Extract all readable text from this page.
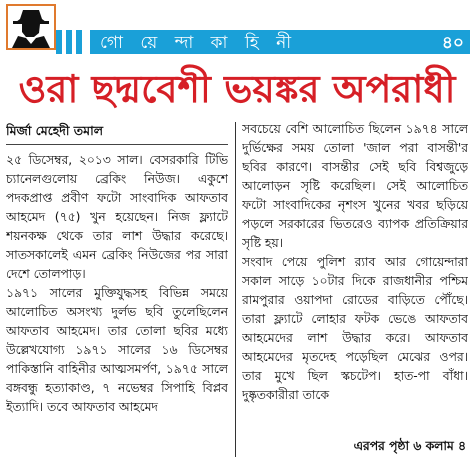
গো য়ে ন্দা কা হি নী	৪০
ওরা ছদ্মবেশী ভয়ঙ্কর অপরাধী
মির্জা মেহেদী তমাল

২৫ ডিসেম্বর, ২০১৩ সাল। বেসরকারি টিভি চ্যানেলগুলোয় ব্রেকিং নিউজ। একুশে পদকপ্রাপ্ত প্রবীণ ফটো সাংবাদিক আফতাব আহমেদ (৭৫) খুন হয়েছেন। নিজ ফ্ল্যাটে শয়নকক্ষ থেকে তার লাশ উদ্ধার করেছে। সাতসকালেই এমন ব্রেকিং নিউজের পর সারা দেশে তোলপাড়।

১৯৭১ সালের মুক্তিযুদ্ধসহ বিভিন্ন সময়ে আলোচিত অসংখ্য দুর্লভ ছবি তুলেছিলেন আফতাব আহমেদ। তার তোলা ছবির মধ্যে উল্লেখযোগ্য ১৯৭১ সালের ১৬ ডিসেম্বর পাকিস্তানি বাহিনীর আত্মসমর্পণ, ১৯৭৫ সালে বঙ্গবন্ধু হত্যাকাণ্ড, ৭ নভেম্বর সিপাহি বিপ্লব ইত্যাদি। তবে আফতাব আহমেদ

সবচেয়ে বেশি আলোচিত ছিলেন ১৯৭৪ সালে দুর্ভিক্ষের সময় তোলা 'জাল পরা বাসন্তী'র ছবির কারণে। বাসন্তীর সেই ছবি বিশ্বজুড়ে আলোড়ন সৃষ্টি করেছিল। সেই আলোচিত ফটো সাংবাদিকের নৃশংস খুনের খবর ছড়িয়ে পড়লে সরকারের ভিতরেও ব্যাপক প্রতিক্রিয়ার সৃষ্টি হয়।

সংবাদ পেয়ে পুলিশ র‌্যাব আর গোয়েন্দারা সকাল সাড়ে ১০টার দিকে রাজধানীর পশ্চিম রামপুরার ওয়াপদা রোডের বাড়িতে পৌঁছে। তারা ফ্ল্যাটে লোহার ফটক ভেঙে আফতাব আহমেদের লাশ উদ্ধার করে। আফতাব আহমেদের মৃতদেহ পড়েছিল মেঝের ওপর। তার মুখে ছিল স্কচটেপ। হাত-পা বাঁধা। দুষ্কৃতকারীরা তাকে

এরপর পৃষ্ঠা ৬ কলাম ৪
